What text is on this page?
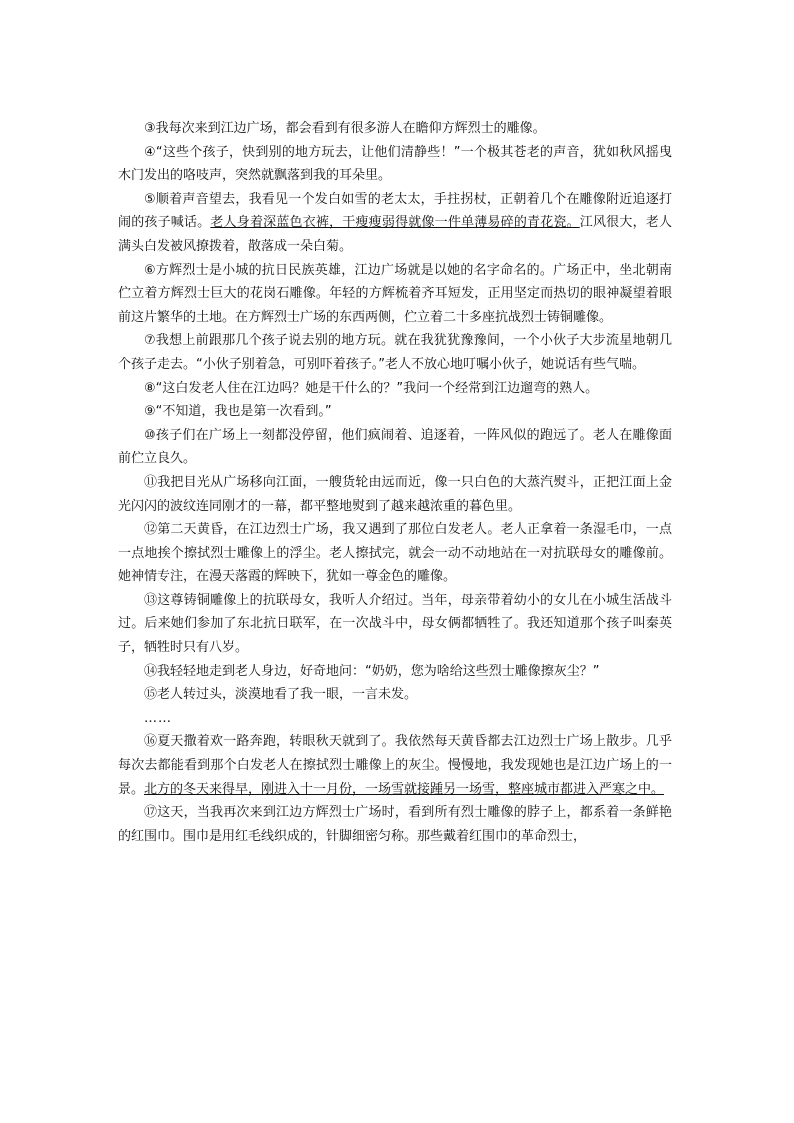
③我每次来到江边广场，都会看到有很多游人在瞻仰方辉烈士的雕像。

④“这些个孩子，快到别的地方玩去，让他们清静些！”一个极其苍老的声音，犹如秋风摇曳木门发出的咯吱声，突然就飘落到我的耳朵里。

⑤顺着声音望去，我看见一个发白如雪的老太太，手拄拐杖，正朝着几个在雕像附近追逐打闹的孩子喊话。老人身着深蓝色衣裤，干瘦瘦弱得就像一件单薄易碎的青花瓷。江风很大，老人满头白发被风撩拨着，散落成一朵白菊。

⑥方辉烈士是小城的抗日民族英雄，江边广场就是以她的名字命名的。广场正中，坐北朝南伫立着方辉烈士巨大的花岗石雕像。年轻的方辉梳着齐耳短发，正用坚定而热切的眼神凝望着眼前这片繁华的土地。在方辉烈士广场的东西两侧，伫立着二十多座抗战烈士铸铜雕像。

⑦我想上前跟那几个孩子说去别的地方玩。就在我犹犹豫豫间，一个小伙子大步流星地朝几个孩子走去。“小伙子别着急，可别吓着孩子。”老人不放心地叮嘱小伙子，她说话有些气喘。

⑧“这白发老人住在江边吗？她是干什么的？”我问一个经常到江边遛弯的熟人。

⑨“不知道，我也是第一次看到。”

⑩孩子们在广场上一刻都没停留，他们疯闹着、追逐着，一阵风似的跑远了。老人在雕像面前伫立良久。

⑪我把目光从广场移向江面，一艘货轮由远而近，像一只白色的大蒸汽熨斗，正把江面上金光闪闪的波纹连同刚才的一幕，都平整地熨到了越来越浓重的暮色里。

⑫第二天黄昏，在江边烈士广场，我又遇到了那位白发老人。老人正拿着一条湿毛巾，一点一点地挨个擦拭烈士雕像上的浮尘。老人擦拭完，就会一动不动地站在一对抗联母女的雕像前。她神情专注，在漫天落霞的辉映下，犹如一尊金色的雕像。

⑬这尊铸铜雕像上的抗联母女，我听人介绍过。当年，母亲带着幼小的女儿在小城生活战斗过。后来她们参加了东北抗日联军，在一次战斗中，母女俩都牺牲了。我还知道那个孩子叫秦英子，牺牲时只有八岁。

⑭我轻轻地走到老人身边，好奇地问：“奶奶，您为啥给这些烈士雕像擦灰尘？”

⑮老人转过头，淡漠地看了我一眼，一言未发。

……

⑯夏天撒着欢一路奔跑，转眼秋天就到了。我依然每天黄昏都去江边烈士广场上散步。几乎每次去都能看到那个白发老人在擦拭烈士雕像上的灰尘。慢慢地，我发现她也是江边广场上的一景。北方的冬天来得早，刚进入十一月份，一场雪就接踵另一场雪，整座城市都进入严寒之中。

⑰这天，当我再次来到江边方辉烈士广场时，看到所有烈士雕像的脖子上，都系着一条鲜艳的红围巾。围巾是用红毛线织成的，针脚细密匀称。那些戴着红围巾的革命烈士，
